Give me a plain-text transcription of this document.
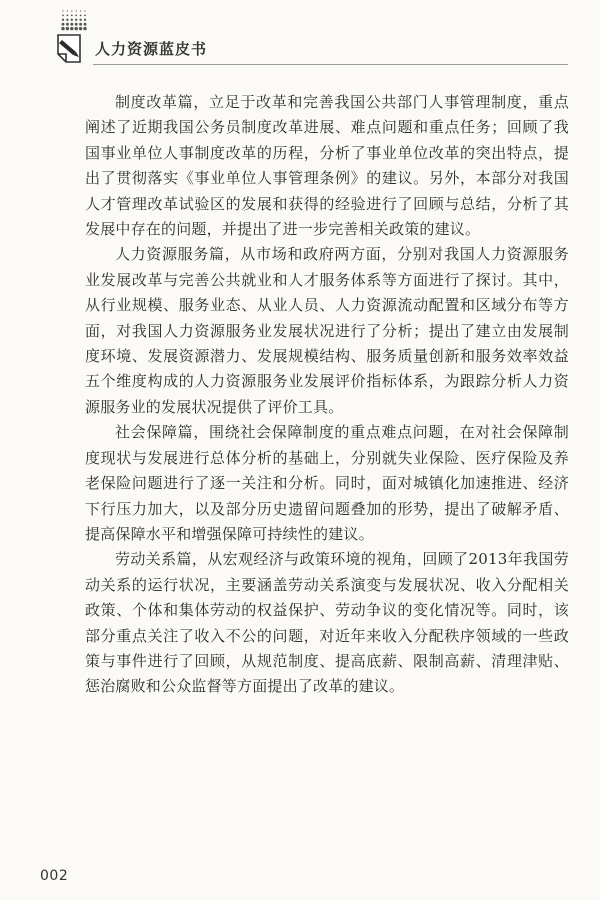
人力资源蓝皮书

制度改革篇，立足于改革和完善我国公共部门人事管理制度，重点阐述了近期我国公务员制度改革进展、难点问题和重点任务；回顾了我国事业单位人事制度改革的历程，分析了事业单位改革的突出特点，提出了贯彻落实《事业单位人事管理条例》的建议。另外，本部分对我国人才管理改革试验区的发展和获得的经验进行了回顾与总结，分析了其发展中存在的问题，并提出了进一步完善相关政策的建议。

人力资源服务篇，从市场和政府两方面，分别对我国人力资源服务业发展改革与完善公共就业和人才服务体系等方面进行了探讨。其中，从行业规模、服务业态、从业人员、人力资源流动配置和区域分布等方面，对我国人力资源服务业发展状况进行了分析；提出了建立由发展制度环境、发展资源潜力、发展规模结构、服务质量创新和服务效率效益五个维度构成的人力资源服务业发展评价指标体系，为跟踪分析人力资源服务业的发展状况提供了评价工具。

社会保障篇，围绕社会保障制度的重点难点问题，在对社会保障制度现状与发展进行总体分析的基础上，分别就失业保险、医疗保险及养老保险问题进行了逐一关注和分析。同时，面对城镇化加速推进、经济下行压力加大，以及部分历史遗留问题叠加的形势，提出了破解矛盾、提高保障水平和增强保障可持续性的建议。

劳动关系篇，从宏观经济与政策环境的视角，回顾了2013年我国劳动关系的运行状况，主要涵盖劳动关系演变与发展状况、收入分配相关政策、个体和集体劳动的权益保护、劳动争议的变化情况等。同时，该部分重点关注了收入不公的问题，对近年来收入分配秩序领域的一些政策与事件进行了回顾，从规范制度、提高底薪、限制高薪、清理津贴、惩治腐败和公众监督等方面提出了改革的建议。

002
